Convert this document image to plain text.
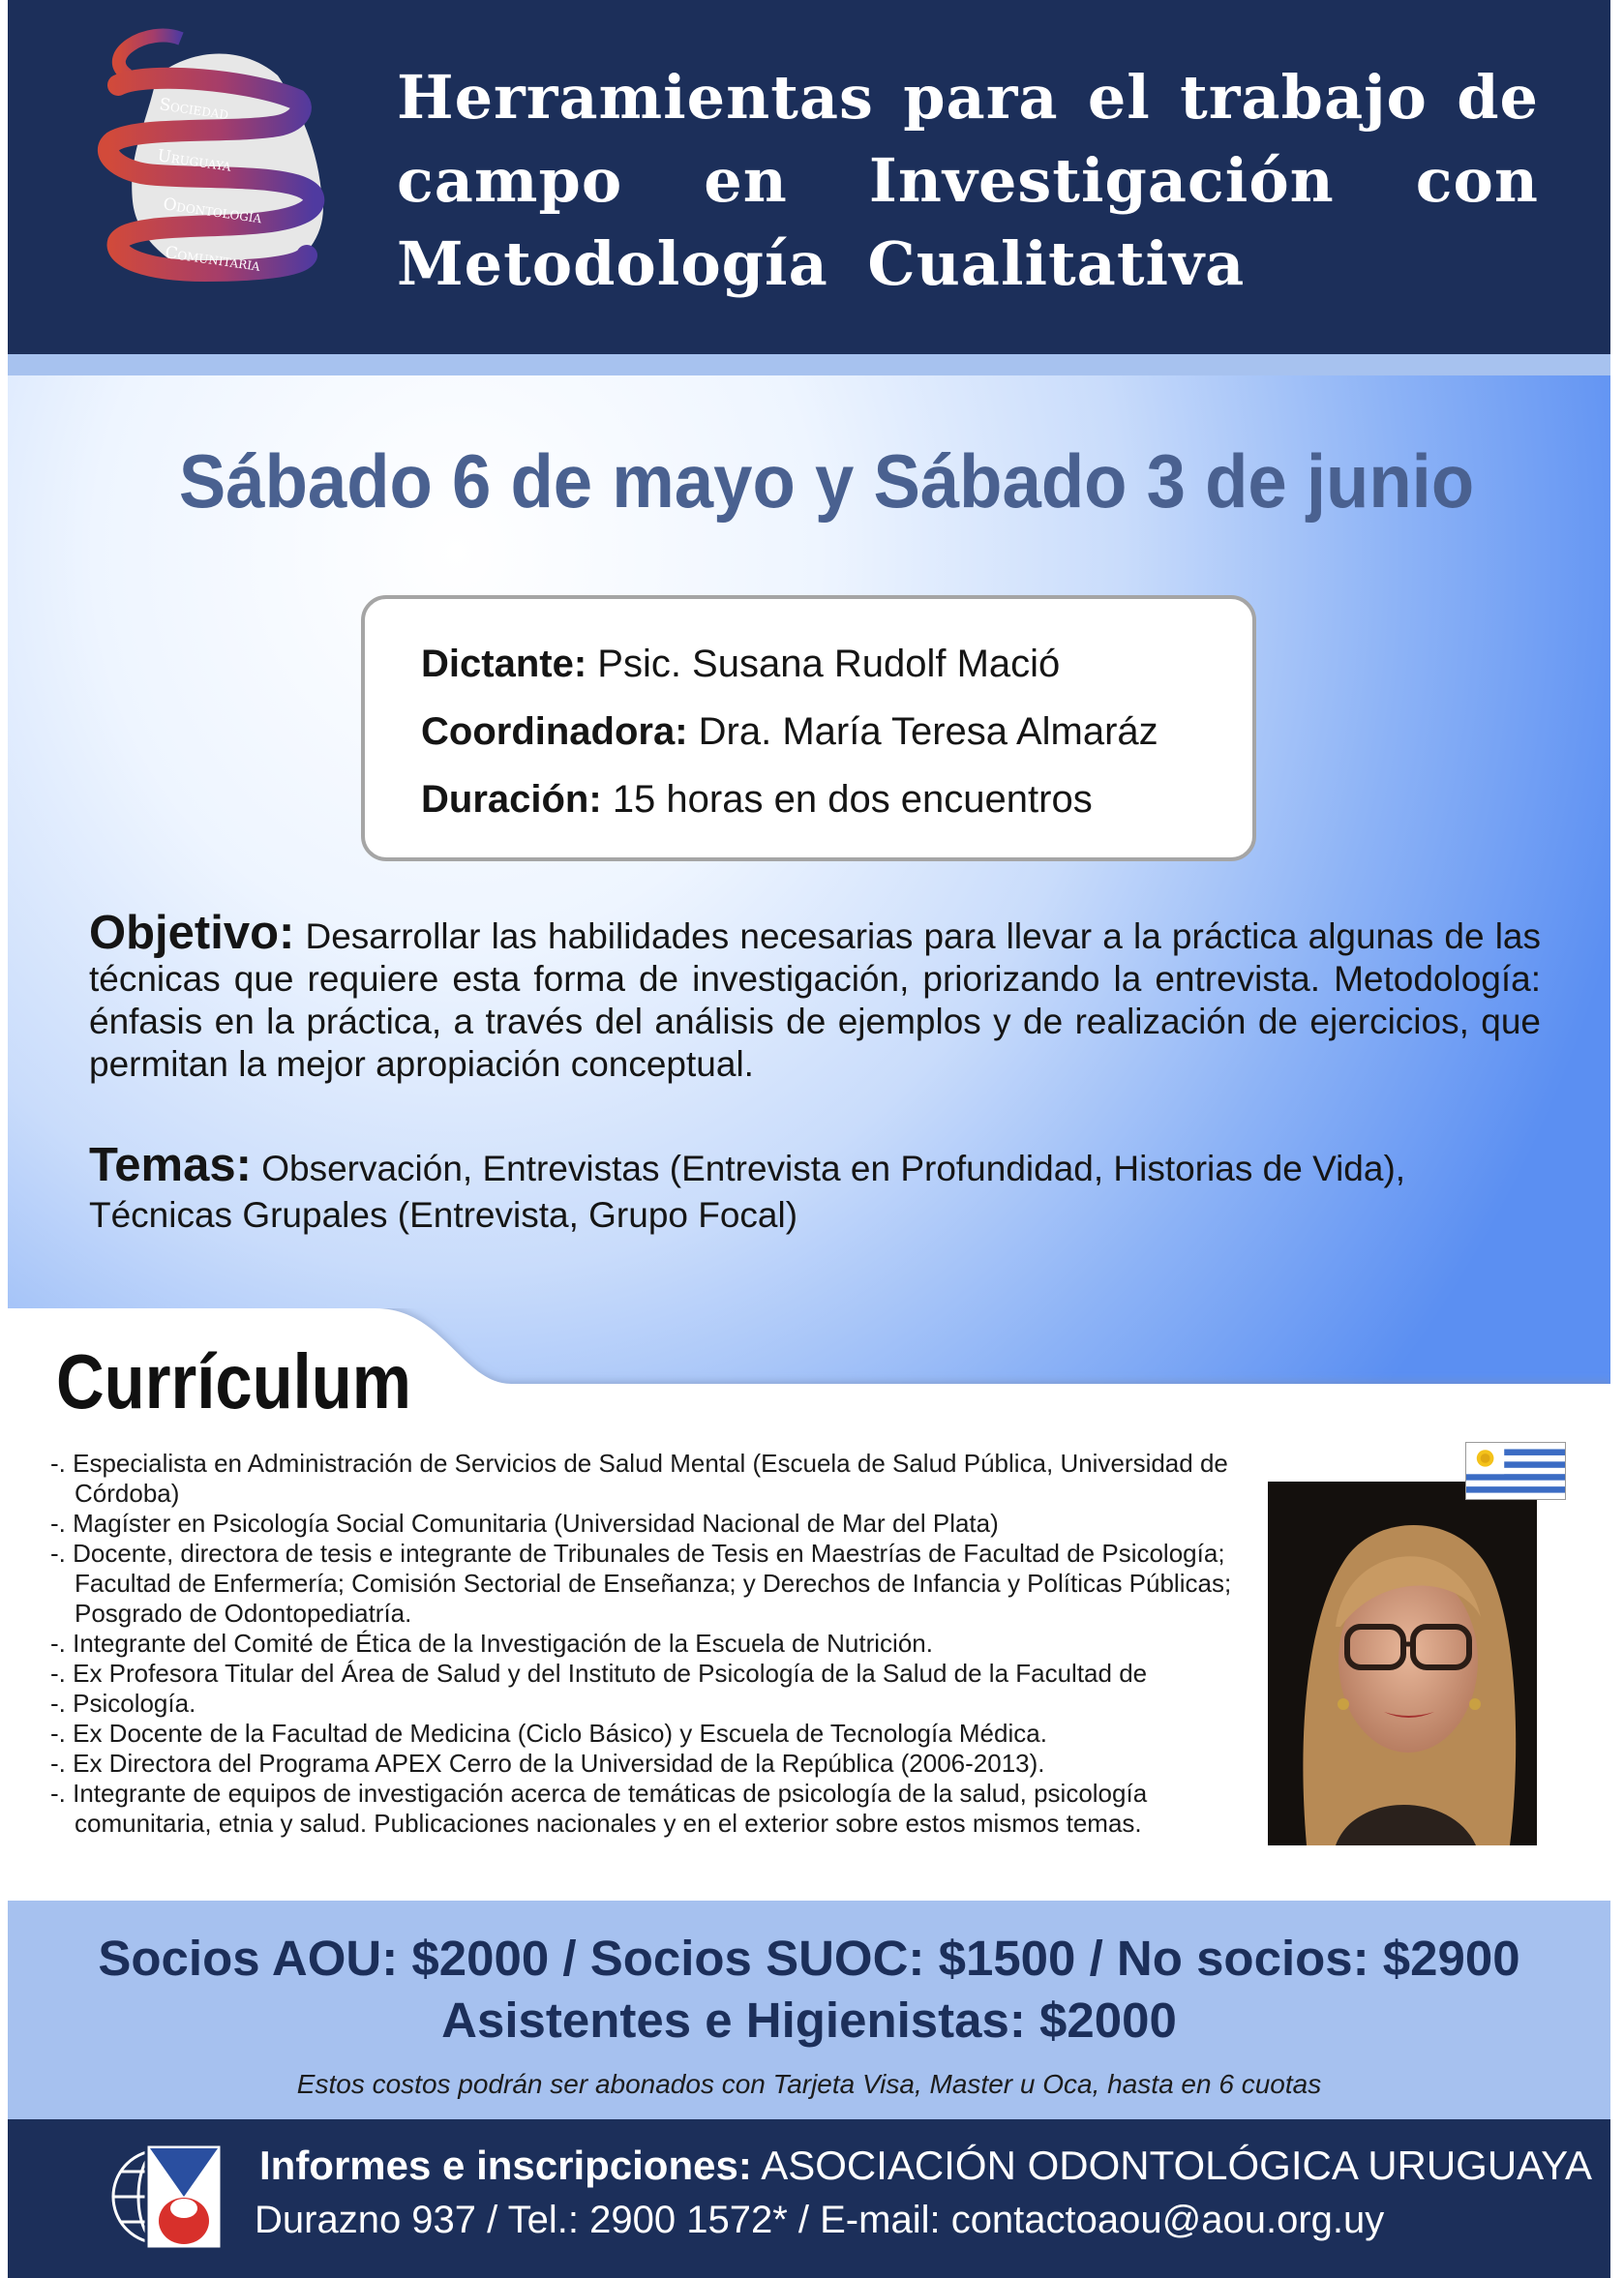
Sociedad
Uruguaya
Odontología
Comunitaria
Herramientas para el trabajo de
campo en Investigación con
Metodología Cualitativa
Sábado 6 de mayo y Sábado 3 de junio
Dictante: Psic. Susana Rudolf Mació
Coordinadora: Dra. María Teresa Almaráz
Duración: 15 horas en dos encuentros

Objetivo: Desarrollar las habilidades necesarias para llevar a la práctica algunas de las técnicas que requiere esta forma de investigación, priorizando la entrevista. Metodología: énfasis en la práctica, a través del análisis de ejemplos y de realización de ejercicios, que permitan la mejor apropiación conceptual.

Temas: Observación, Entrevistas (Entrevista en Profundidad, Historias de Vida), Técnicas Grupales (Entrevista, Grupo Focal)

Currículum
-. Especialista en Administración de Servicios de Salud Mental (Escuela de Salud Pública, Universidad de Córdoba)
-. Magíster en Psicología Social Comunitaria (Universidad Nacional de Mar del Plata)
-. Docente, directora de tesis e integrante de Tribunales de Tesis en Maestrías de Facultad de Psicología; Facultad de Enfermería; Comisión Sectorial de Enseñanza; y Derechos de Infancia y Políticas Públicas; Posgrado de Odontopediatría.
-. Integrante del Comité de Ética de la Investigación de la Escuela de Nutrición.
-. Ex Profesora Titular del Área de Salud y del Instituto de Psicología de la Salud de la Facultad de
-. Psicología.
-. Ex Docente de la Facultad de Medicina (Ciclo Básico) y Escuela de Tecnología Médica.
-. Ex Directora del Programa APEX Cerro de la Universidad de la República (2006-2013).
-. Integrante de equipos de investigación acerca de temáticas de psicología de la salud, psicología comunitaria, etnia y salud. Publicaciones nacionales y en el exterior sobre estos mismos temas.
Socios AOU: $2000 / Socios SUOC: $1500 / No socios: $2900
Asistentes e Higienistas: $2000
Estos costos podrán ser abonados con Tarjeta Visa, Master u Oca, hasta en 6 cuotas
Informes e inscripciones: ASOCIACIÓN ODONTOLÓGICA URUGUAYA
Durazno 937 / Tel.: 2900 1572* / E-mail: contactoaou@aou.org.uy
